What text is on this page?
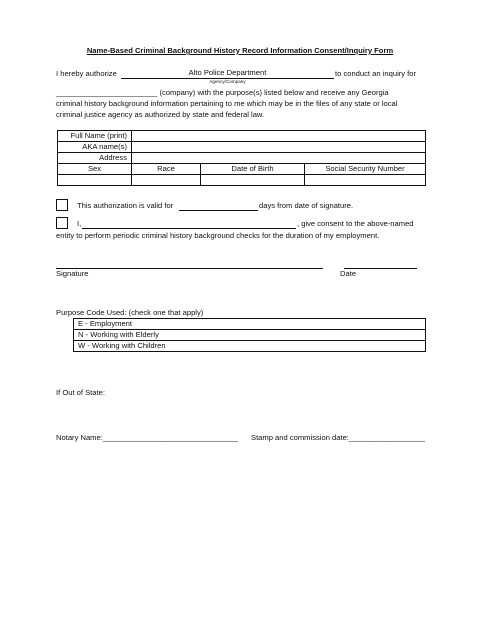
Name-Based Criminal Background History Record Information Consent/Inquiry Form
I hereby authorize	Alto Police Department	to conduct an inquiry for
Agency/Company
________________________ (company) with the purpose(s) listed below and receive any Georgia
criminal history background information pertaining to me which may be in the files of any state or local
criminal justice agency as authorized by state and federal law.
Full Name (print)			
AKA name(s)			
Address			
Sex	Race	Date of Birth	Social Security Number

This authorization is valid for	days from date of signature.
I,	, give consent to the above-named
entity to perform periodic criminal history background checks for the duration of my employment.
Signature	Date
Purpose Code Used: (check one that apply)
E - Employment
N - Working with Elderly
W - Working with Children
If Out of State:
Notary Name:________________________________ Stamp and commission date:__________________
